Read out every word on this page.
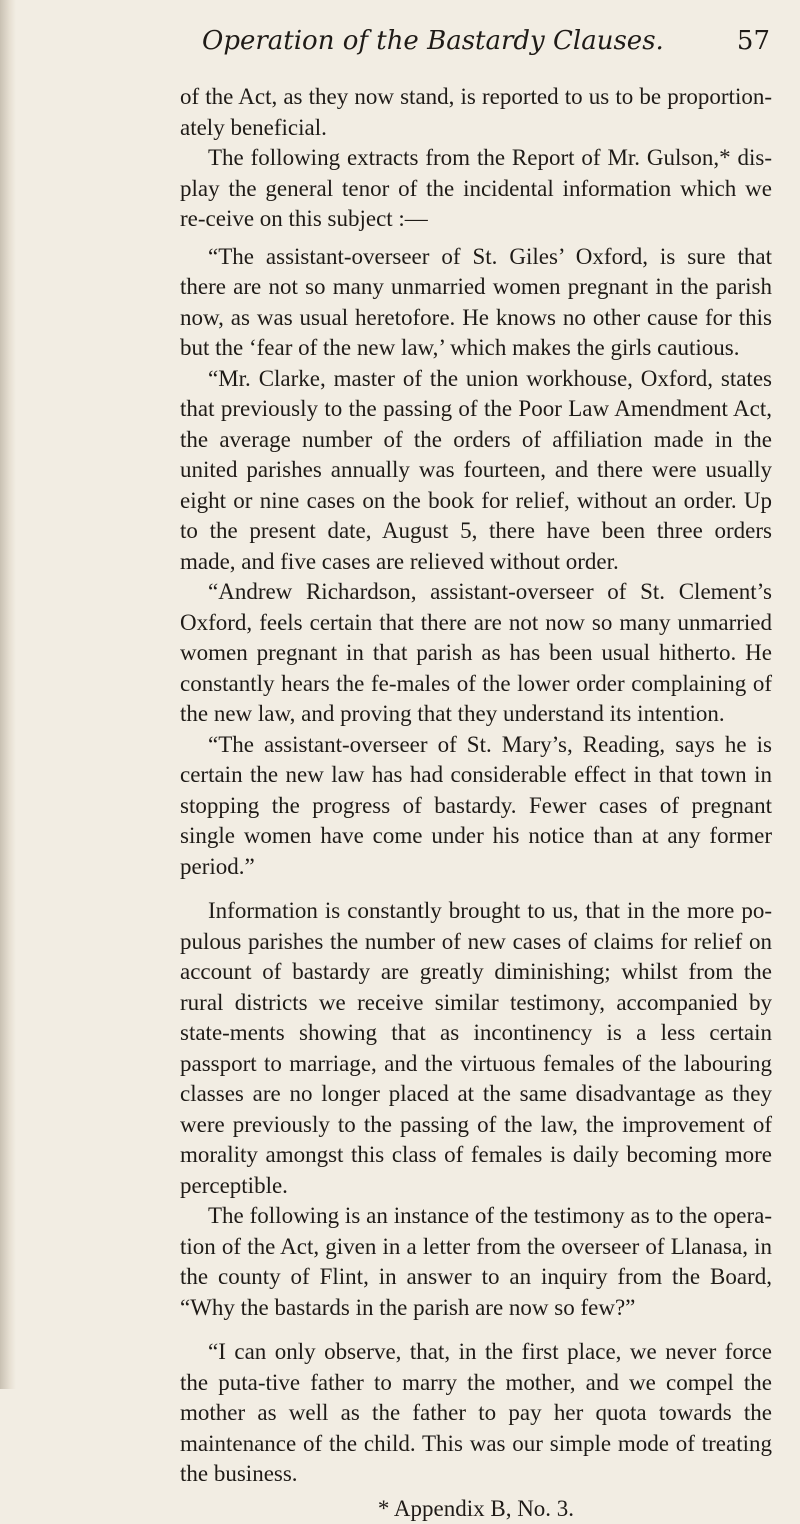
Operation of the Bastardy Clauses.	57

of the Act, as they now stand, is reported to us to be proportion-ately beneficial.

The following extracts from the Report of Mr. Gulson,* dis-play the general tenor of the incidental information which we re-ceive on this subject :—

“The assistant-overseer of St. Giles’ Oxford, is sure that there are not so many unmarried women pregnant in the parish now, as was usual heretofore. He knows no other cause for this but the ‘fear of the new law,’ which makes the girls cautious.

“Mr. Clarke, master of the union workhouse, Oxford, states that previously to the passing of the Poor Law Amendment Act, the average number of the orders of affiliation made in the united parishes annually was fourteen, and there were usually eight or nine cases on the book for relief, without an order. Up to the present date, August 5, there have been three orders made, and five cases are relieved without order.

“Andrew Richardson, assistant-overseer of St. Clement’s Oxford, feels certain that there are not now so many unmarried women pregnant in that parish as has been usual hitherto. He constantly hears the fe-males of the lower order complaining of the new law, and proving that they understand its intention.

“The assistant-overseer of St. Mary’s, Reading, says he is certain the new law has had considerable effect in that town in stopping the progress of bastardy. Fewer cases of pregnant single women have come under his notice than at any former period.”

Information is constantly brought to us, that in the more po-pulous parishes the number of new cases of claims for relief on account of bastardy are greatly diminishing; whilst from the rural districts we receive similar testimony, accompanied by state-ments showing that as incontinency is a less certain passport to marriage, and the virtuous females of the labouring classes are no longer placed at the same disadvantage as they were previously to the passing of the law, the improvement of morality amongst this class of females is daily becoming more perceptible.

The following is an instance of the testimony as to the opera-tion of the Act, given in a letter from the overseer of Llanasa, in the county of Flint, in answer to an inquiry from the Board, “Why the bastards in the parish are now so few?”

“I can only observe, that, in the first place, we never force the puta-tive father to marry the mother, and we compel the mother as well as the father to pay her quota towards the maintenance of the child. This was our simple mode of treating the business.

* Appendix B, No. 3.
